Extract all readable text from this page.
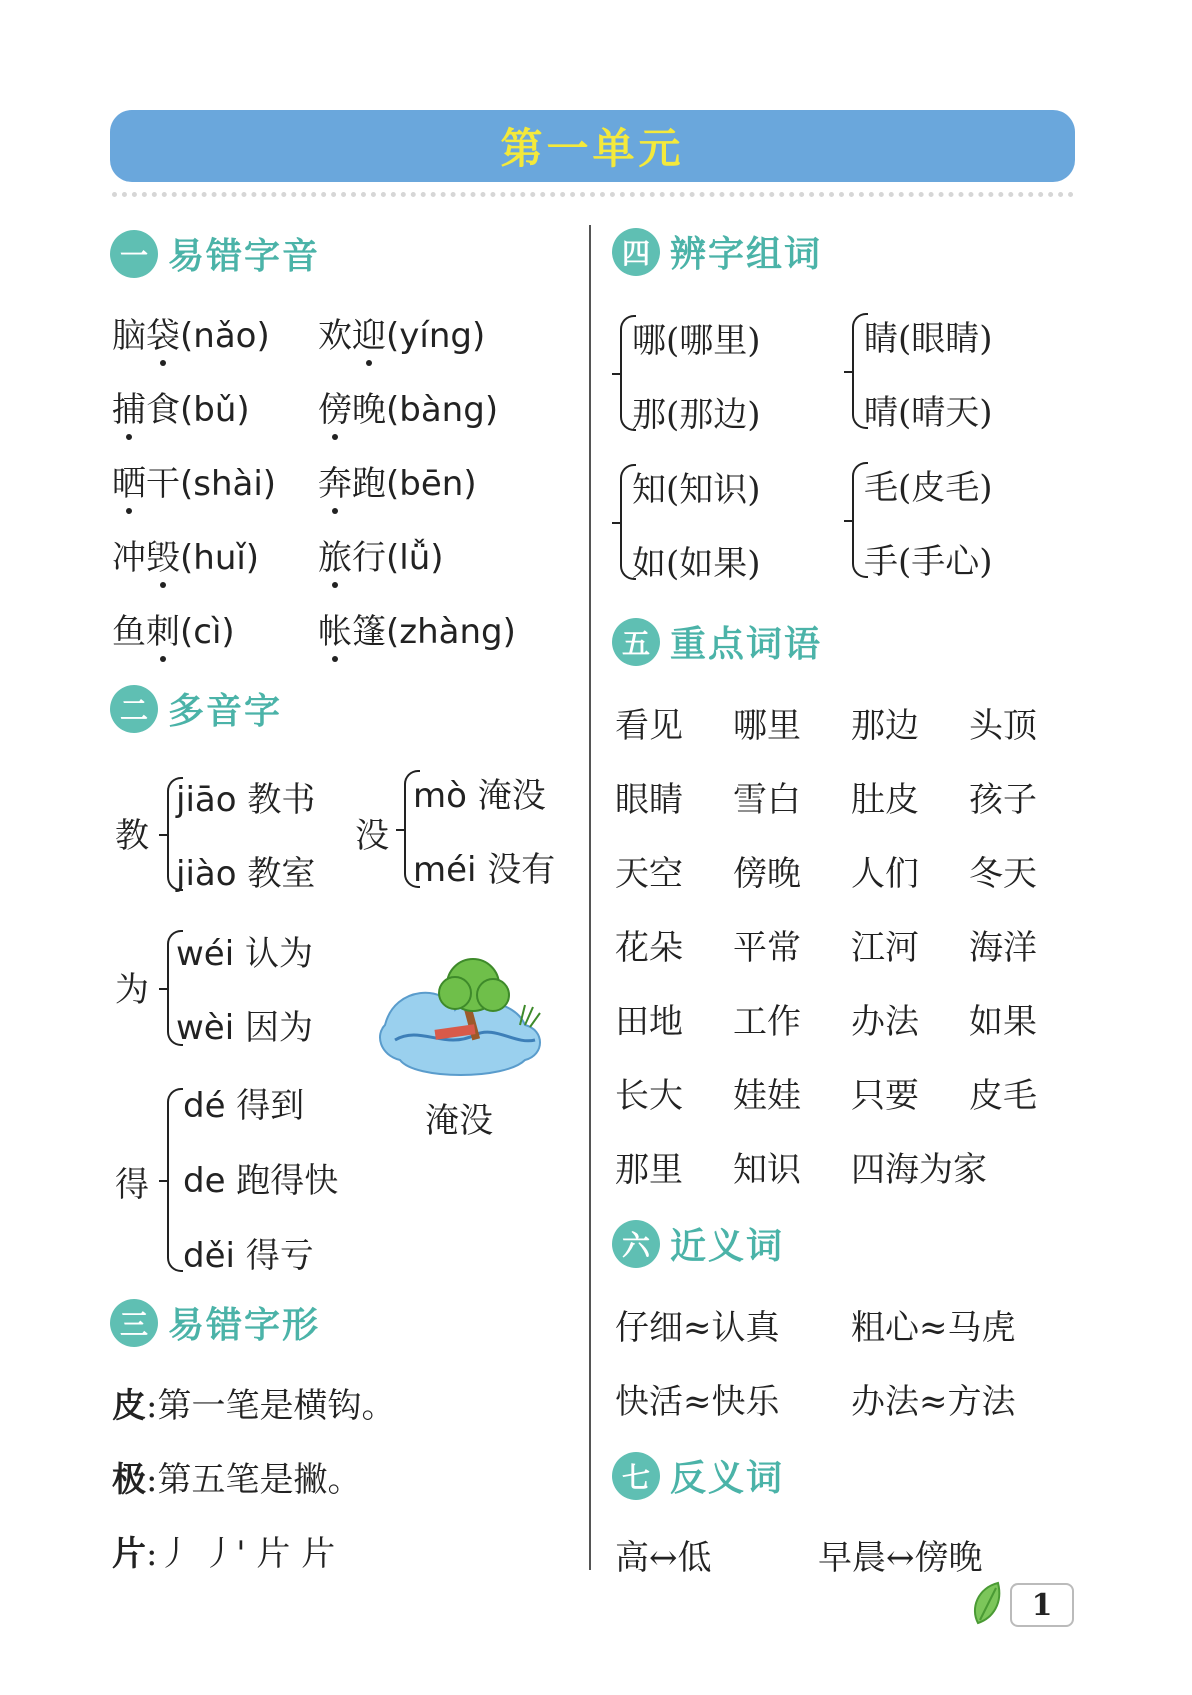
第一单元
一 易错字音
脑袋(nǎo) 欢迎(yíng)
捕食(bǔ) 傍晚(bàng)
晒干(shài) 奔跑(bēn)
冲毁(huǐ) 旅行(lǚ)
鱼刺(cì) 帐篷(zhàng)
二 多音字
教
jiāo 教书
jiào 教室
没
mò 淹没
méi 没有
为
wéi 认为
wèi 因为
得
dé 得到
de 跑得快
děi 得亏
淹没
三 易错字形
皮:第一笔是横钩。
极:第五笔是撇。
片:丿 丿' 片 片
四 辨字组词
哪(哪里)
那(那边)
睛(眼睛)
晴(晴天)
知(知识)
如(如果)
毛(皮毛)
手(手心)
五 重点词语
看见 哪里 那边 头顶
眼睛 雪白 肚皮 孩子
天空 傍晚 人们 冬天
花朵 平常 江河 海洋
田地 工作 办法 如果
长大 娃娃 只要 皮毛
那里 知识 四海为家
六 近义词
仔细≈认真 粗心≈马虎
快活≈快乐 办法≈方法
七 反义词
高↔低	早晨↔傍晚
1
